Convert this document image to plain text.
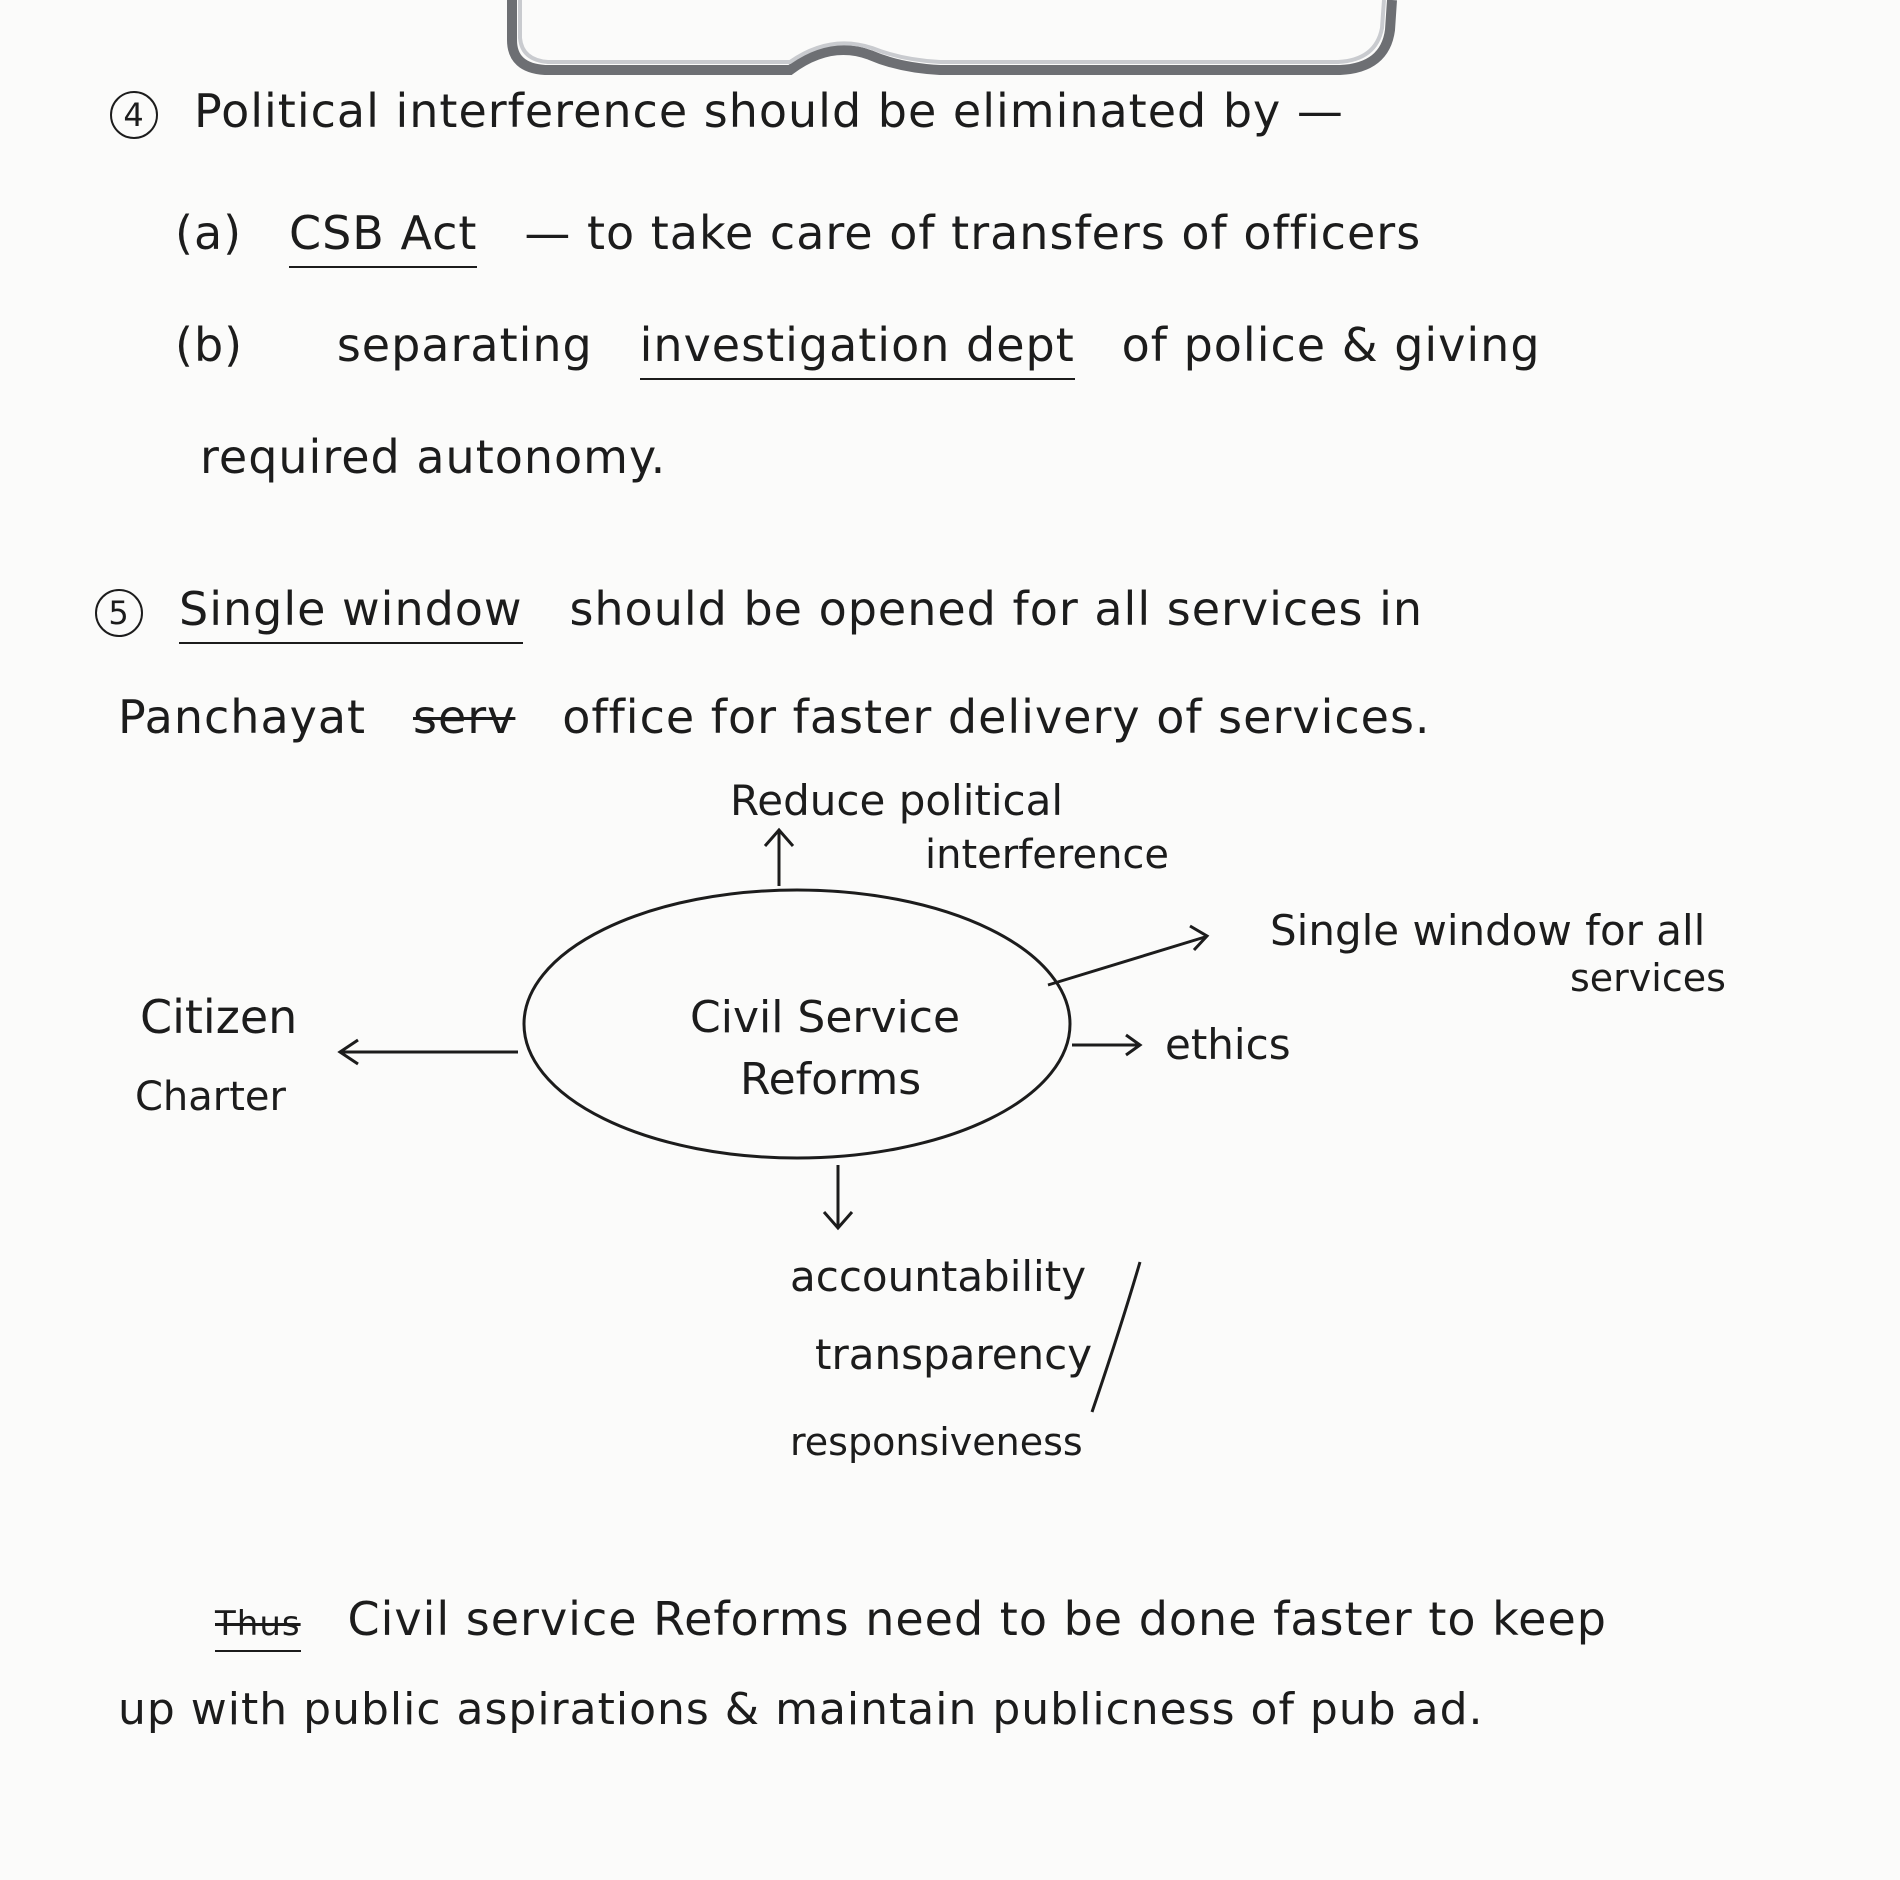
4 Political interference should be eliminated by —
(a) CSB Act — to take care of transfers of officers
(b) separating investigation dept of police & giving
required autonomy.
5 Single window should be opened for all services in
Panchayat serv office for faster delivery of services.
Civil Service
Reforms
Reduce political
interference
Single window for all
services
ethics
Citizen
Charter
accountability
transparency
responsiveness
Thus Civil service Reforms need to be done faster to keep
up with public aspirations & maintain publicness of pub ad.
